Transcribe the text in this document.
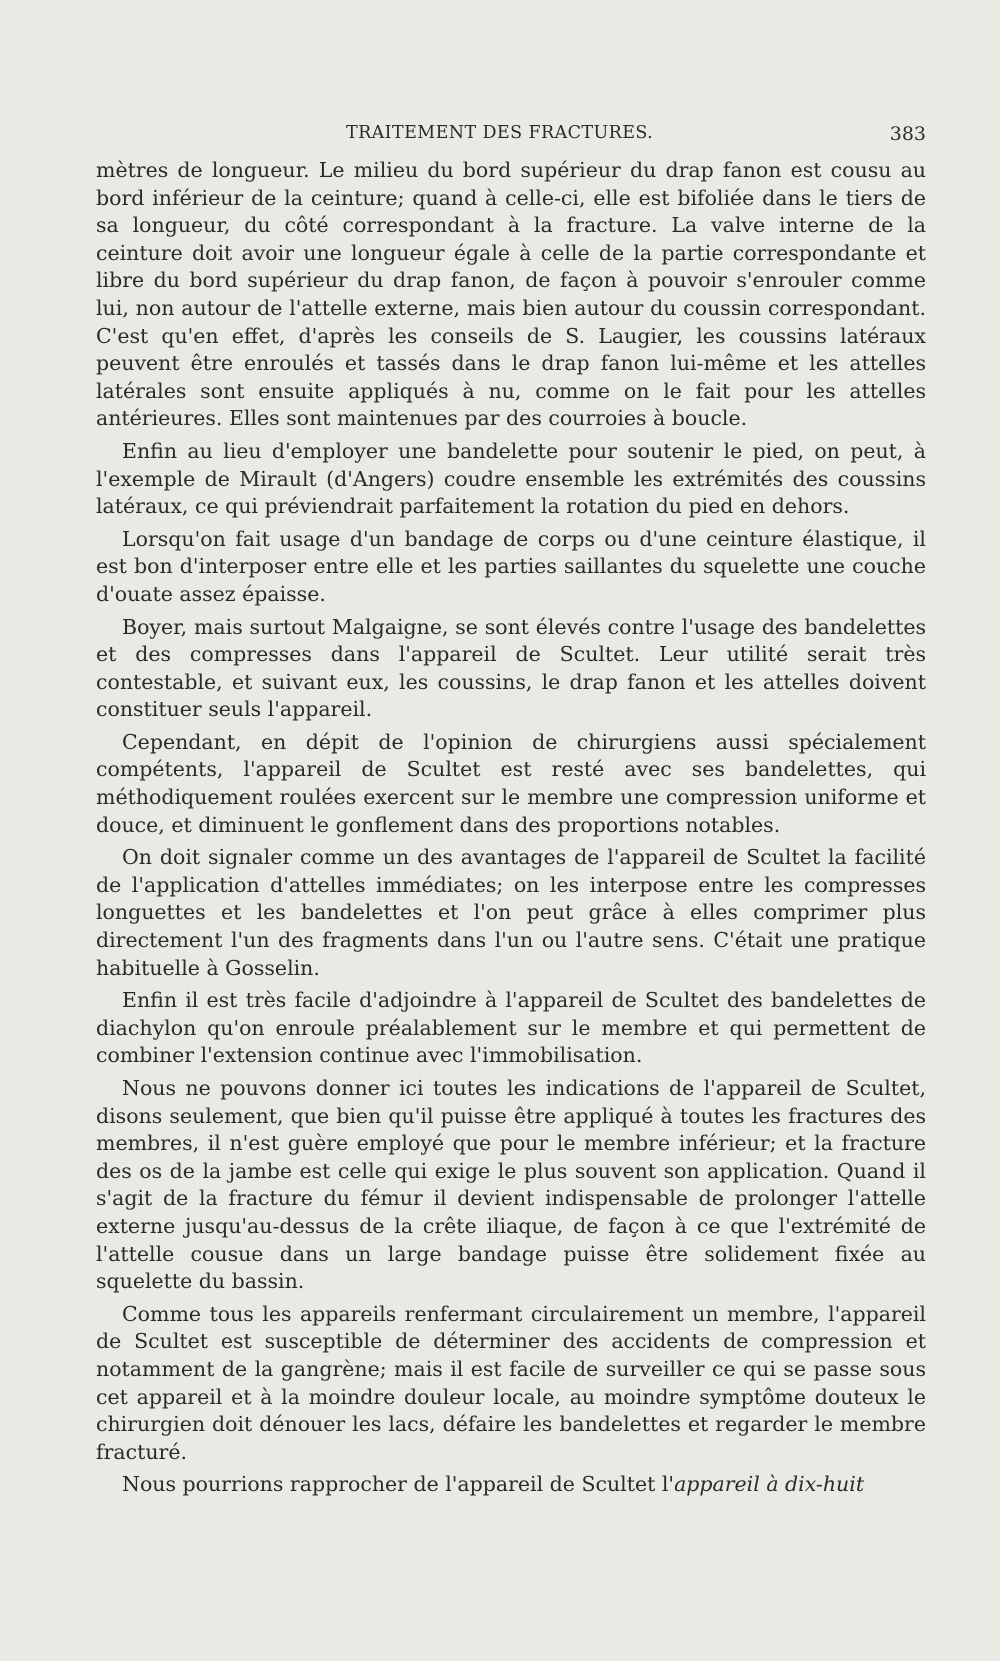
TRAITEMENT DES FRACTURES.	383

mètres de longueur. Le milieu du bord supérieur du drap fanon est cousu au bord inférieur de la ceinture; quand à celle-ci, elle est bifoliée dans le tiers de sa longueur, du côté correspondant à la fracture. La valve interne de la ceinture doit avoir une longueur égale à celle de la partie correspondante et libre du bord supérieur du drap fanon, de façon à pouvoir s'enrouler comme lui, non autour de l'attelle externe, mais bien autour du coussin correspondant. C'est qu'en effet, d'après les conseils de S. Laugier, les coussins latéraux peuvent être enroulés et tassés dans le drap fanon lui-même et les attelles latérales sont ensuite appliqués à nu, comme on le fait pour les attelles antérieures. Elles sont maintenues par des courroies à boucle.

Enfin au lieu d'employer une bandelette pour soutenir le pied, on peut, à l'exemple de Mirault (d'Angers) coudre ensemble les extrémités des coussins latéraux, ce qui préviendrait parfaitement la rotation du pied en dehors.

Lorsqu'on fait usage d'un bandage de corps ou d'une ceinture élastique, il est bon d'interposer entre elle et les parties saillantes du squelette une couche d'ouate assez épaisse.

Boyer, mais surtout Malgaigne, se sont élevés contre l'usage des bandelettes et des compresses dans l'appareil de Scultet. Leur utilité serait très contestable, et suivant eux, les coussins, le drap fanon et les attelles doivent constituer seuls l'appareil.

Cependant, en dépit de l'opinion de chirurgiens aussi spécialement compétents, l'appareil de Scultet est resté avec ses bandelettes, qui méthodiquement roulées exercent sur le membre une compression uniforme et douce, et diminuent le gonflement dans des proportions notables.

On doit signaler comme un des avantages de l'appareil de Scultet la facilité de l'application d'attelles immédiates; on les interpose entre les compresses longuettes et les bandelettes et l'on peut grâce à elles comprimer plus directement l'un des fragments dans l'un ou l'autre sens. C'était une pratique habituelle à Gosselin.

Enfin il est très facile d'adjoindre à l'appareil de Scultet des bandelettes de diachylon qu'on enroule préalablement sur le membre et qui permettent de combiner l'extension continue avec l'immobilisation.

Nous ne pouvons donner ici toutes les indications de l'appareil de Scultet, disons seulement, que bien qu'il puisse être appliqué à toutes les fractures des membres, il n'est guère employé que pour le membre inférieur; et la fracture des os de la jambe est celle qui exige le plus souvent son application. Quand il s'agit de la fracture du fémur il devient indispensable de prolonger l'attelle externe jusqu'au-dessus de la crête iliaque, de façon à ce que l'extrémité de l'attelle cousue dans un large bandage puisse être solidement fixée au squelette du bassin.

Comme tous les appareils renfermant circulairement un membre, l'appareil de Scultet est susceptible de déterminer des accidents de compression et notamment de la gangrène; mais il est facile de surveiller ce qui se passe sous cet appareil et à la moindre douleur locale, au moindre symptôme douteux le chirurgien doit dénouer les lacs, défaire les bandelettes et regarder le membre fracturé.

Nous pourrions rapprocher de l'appareil de Scultet l'appareil à dix-huit
